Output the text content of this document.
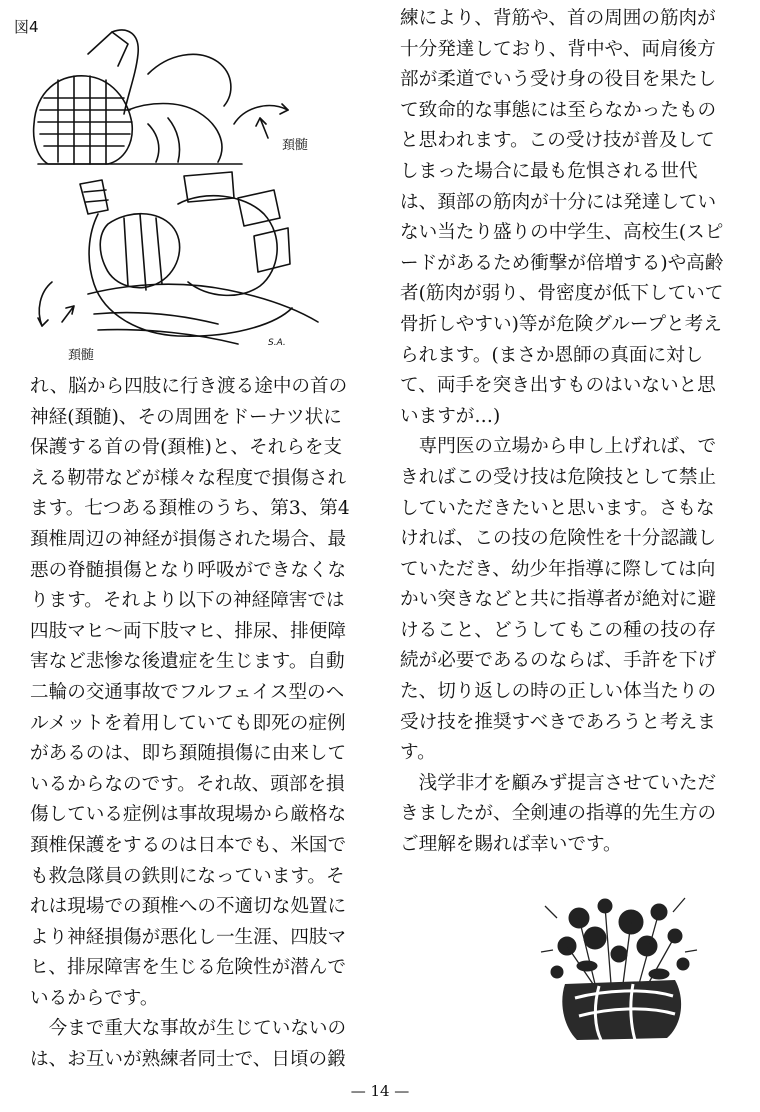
図4
頚髄
頚髄
S.A.

れ、脳から四肢に行き渡る途中の首の神経(頚髄)、その周囲をドーナツ状に保護する首の骨(頚椎)と、それらを支える靭帯などが様々な程度で損傷されます。七つある頚椎のうち、第3、第4頚椎周辺の神経が損傷された場合、最悪の脊髄損傷となり呼吸ができなくなります。それより以下の神経障害では四肢マヒ〜両下肢マヒ、排尿、排便障害など悲惨な後遺症を生じます。自動二輪の交通事故でフルフェイス型のヘルメットを着用していても即死の症例があるのは、即ち頚随損傷に由来しているからなのです。それ故、頭部を損傷している症例は事故現場から厳格な頚椎保護をするのは日本でも、米国でも救急隊員の鉄則になっています。それは現場での頚椎への不適切な処置により神経損傷が悪化し一生涯、四肢マヒ、排尿障害を生じる危険性が潜んでいるからです。

今まで重大な事故が生じていないのは、お互いが熟練者同士で、日頃の鍛

練により、背筋や、首の周囲の筋肉が十分発達しており、背中や、両肩後方部が柔道でいう受け身の役目を果たして致命的な事態には至らなかったものと思われます。この受け技が普及してしまった場合に最も危惧される世代は、頚部の筋肉が十分には発達していない当たり盛りの中学生、高校生(スピードがあるため衝撃が倍増する)や高齢者(筋肉が弱り、骨密度が低下していて骨折しやすい)等が危険グループと考えられます。(まさか恩師の真面に対して、両手を突き出すものはいないと思いますが…)

専門医の立場から申し上げれば、できればこの受け技は危険技として禁止していただきたいと思います。さもなければ、この技の危険性を十分認識していただき、幼少年指導に際しては向かい突きなどと共に指導者が絶対に避けること、どうしてもこの種の技の存続が必要であるのならば、手許を下げた、切り返しの時の正しい体当たりの受け技を推奨すべきであろうと考えます。

浅学非才を顧みず提言させていただきましたが、全剣連の指導的先生方のご理解を賜れば幸いです。

— 14 —
